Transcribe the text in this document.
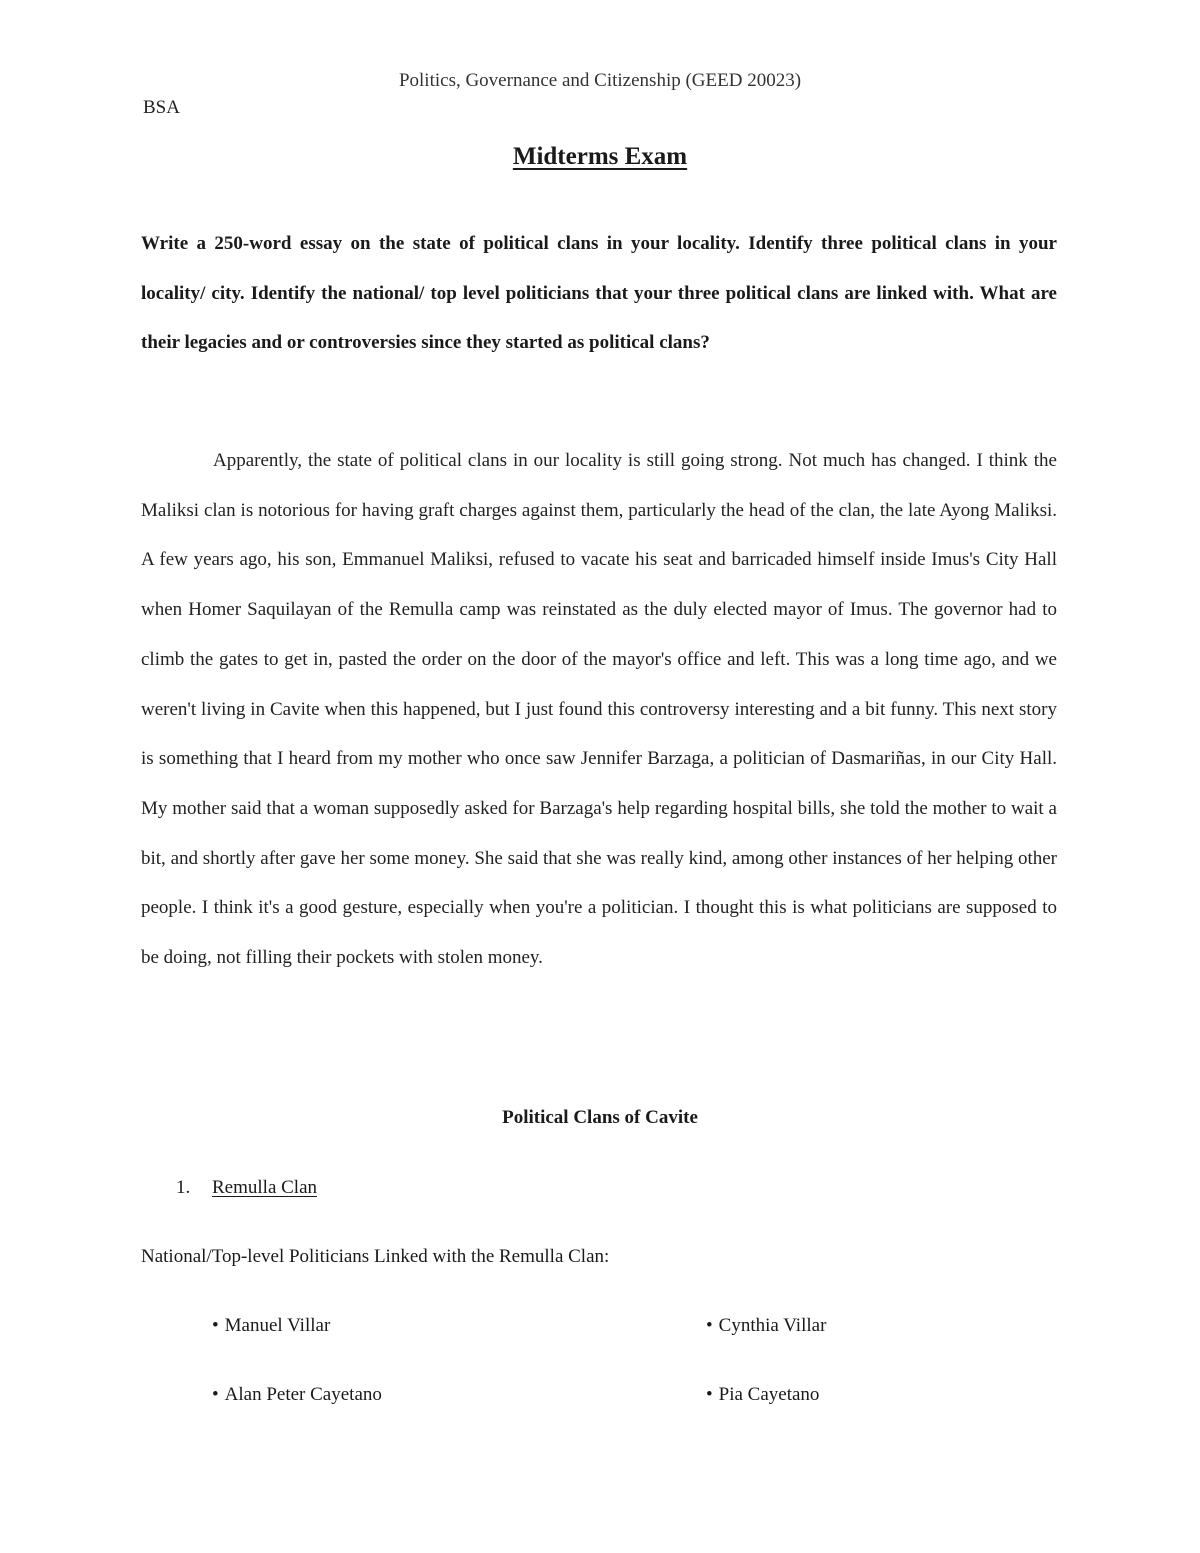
Politics, Governance and Citizenship (GEED 20023)
BSA
Midterms Exam

Write a 250-word essay on the state of political clans in your locality. Identify three political clans in your locality/ city. Identify the national/ top level politicians that your three political clans are linked with. What are their legacies and or controversies since they started as political clans?

Apparently, the state of political clans in our locality is still going strong. Not much has changed. I think the Maliksi clan is notorious for having graft charges against them, particularly the head of the clan, the late Ayong Maliksi. A few years ago, his son, Emmanuel Maliksi, refused to vacate his seat and barricaded himself inside Imus's City Hall when Homer Saquilayan of the Remulla camp was reinstated as the duly elected mayor of Imus. The governor had to climb the gates to get in, pasted the order on the door of the mayor's office and left. This was a long time ago, and we weren't living in Cavite when this happened, but I just found this controversy interesting and a bit funny. This next story is something that I heard from my mother who once saw Jennifer Barzaga, a politician of Dasmariñas, in our City Hall. My mother said that a woman supposedly asked for Barzaga's help regarding hospital bills, she told the mother to wait a bit, and shortly after gave her some money. She said that she was really kind, among other instances of her helping other people. I think it's a good gesture, especially when you're a politician. I thought this is what politicians are supposed to be doing, not filling their pockets with stolen money.

Political Clans of Cavite
1. Remulla Clan
National/Top-level Politicians Linked with the Remulla Clan:
• Manuel Villar	• Cynthia Villar
• Alan Peter Cayetano	• Pia Cayetano
